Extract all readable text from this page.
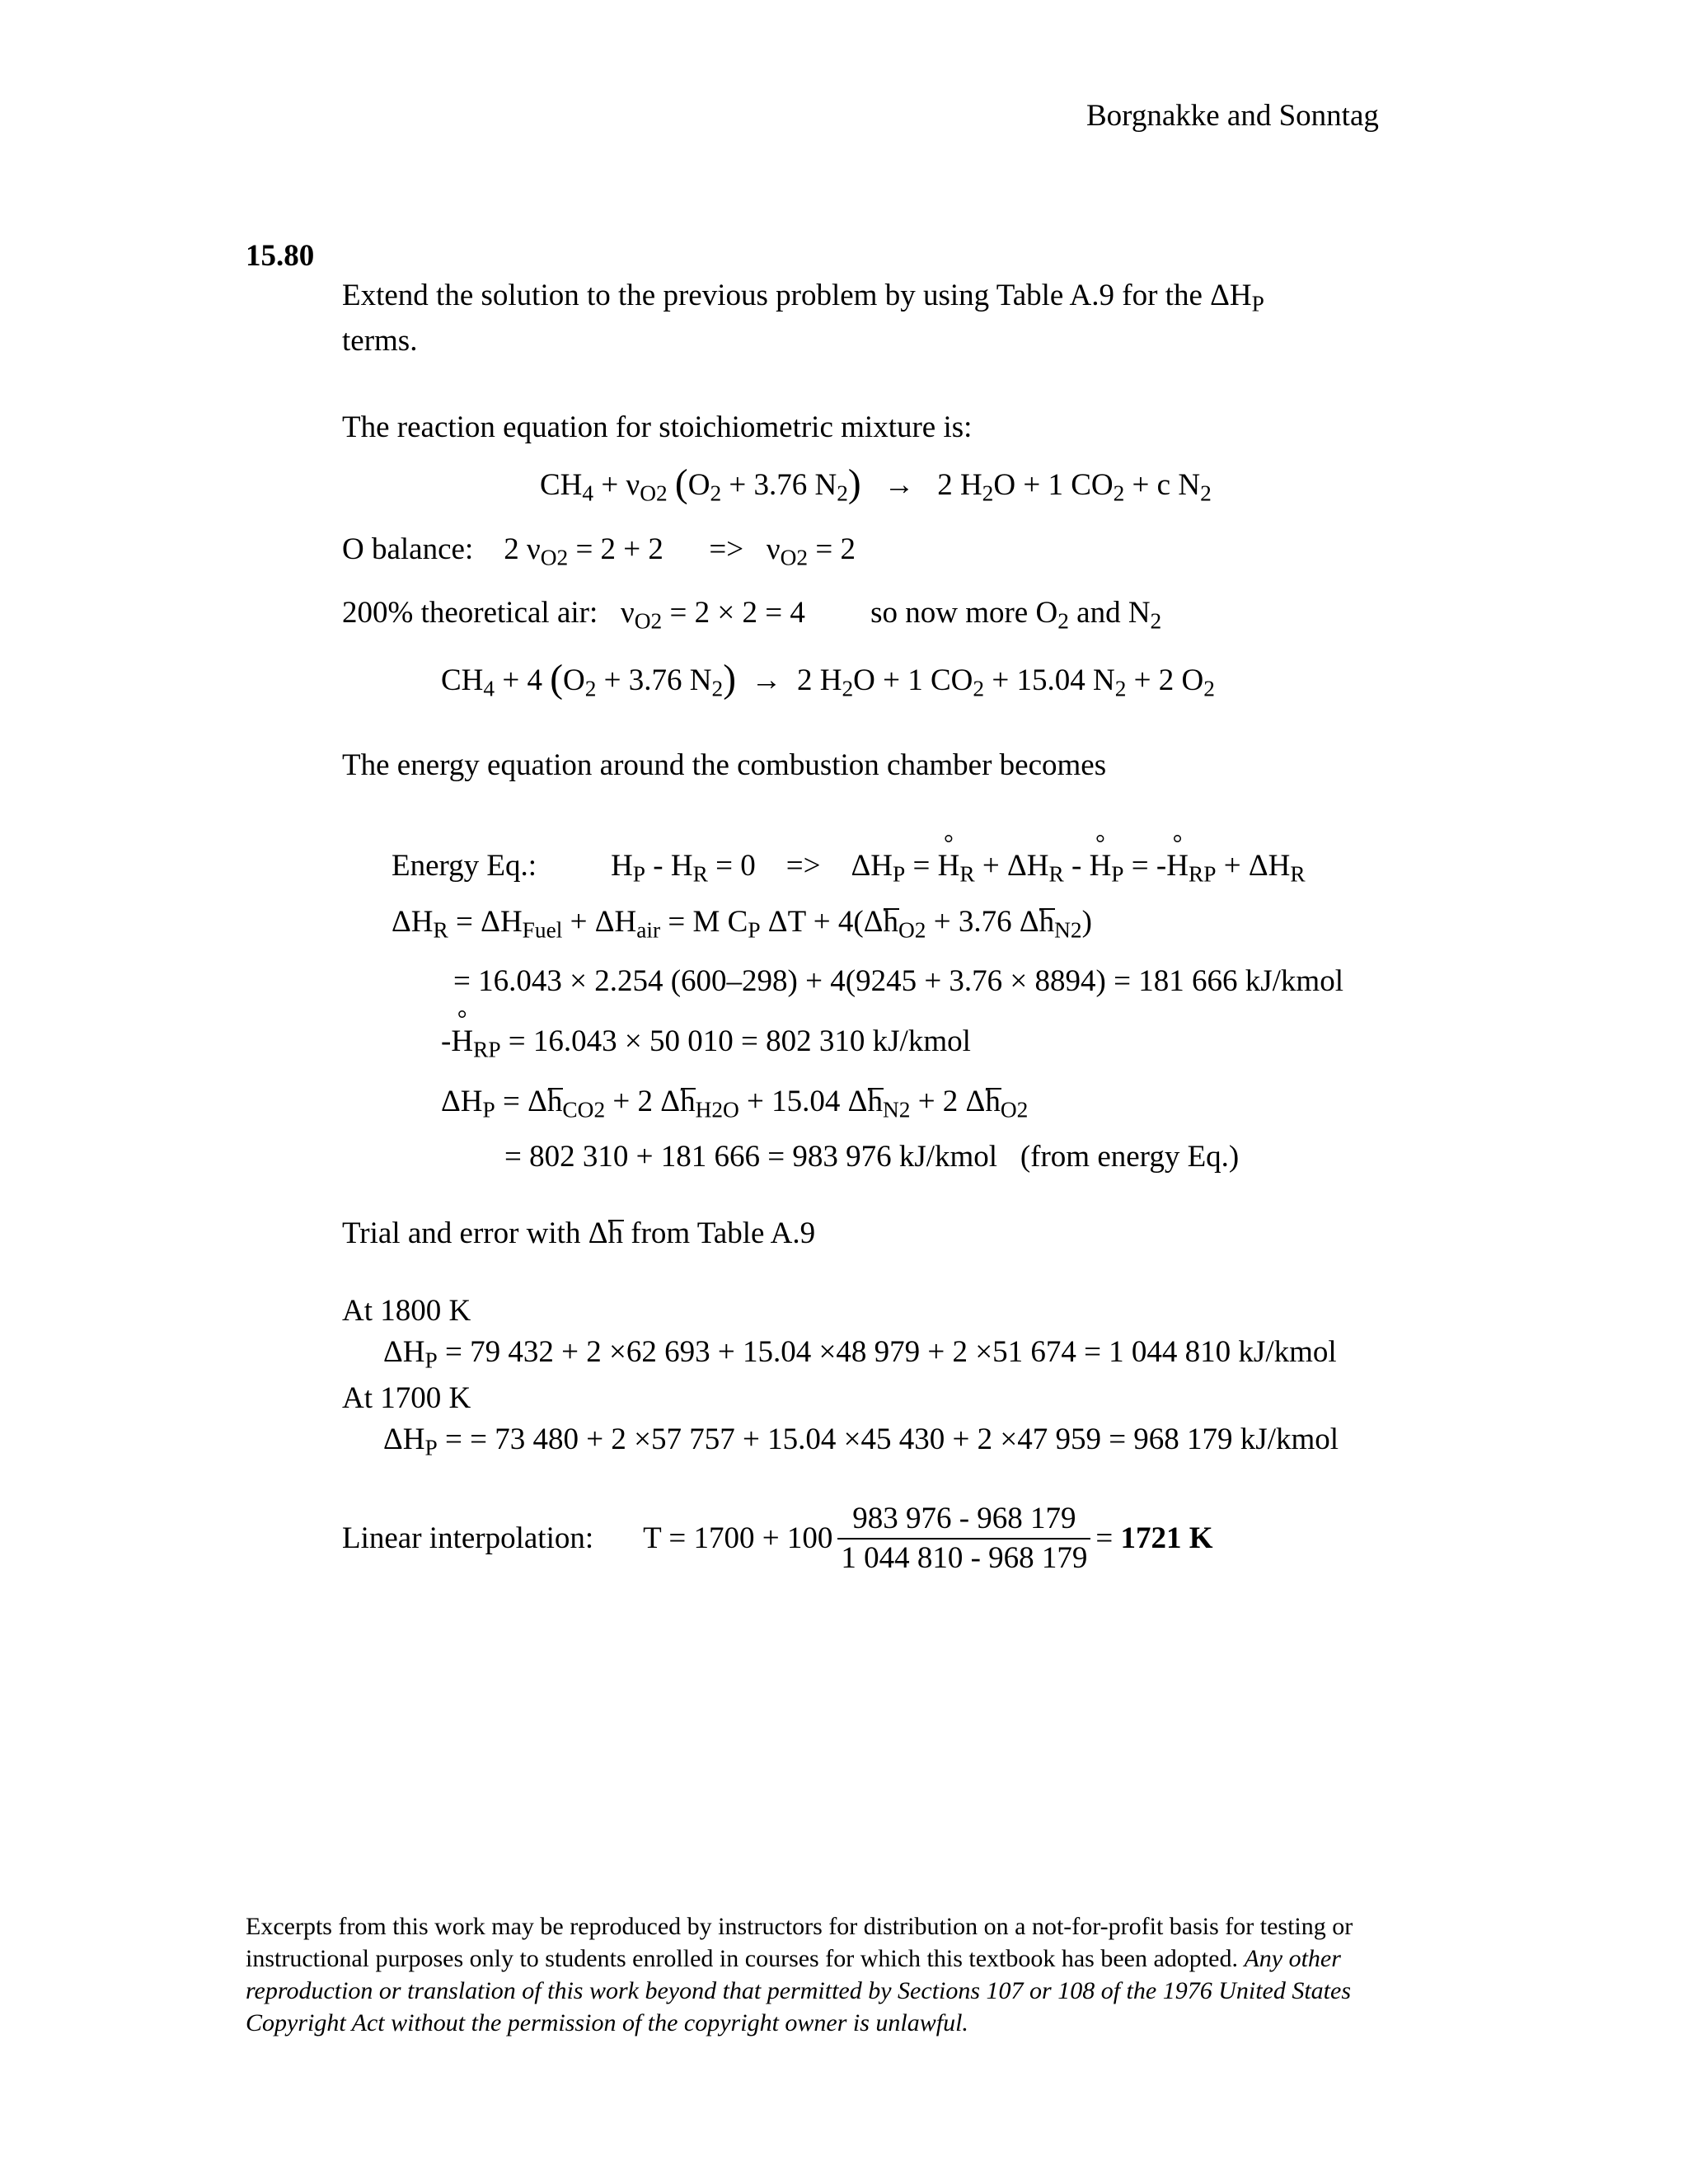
Borgnakke and Sonntag
15.80
Extend the solution to the previous problem by using Table A.9 for the $\Delta H_P$
terms.
The reaction equation for stoichiometric mixture is:
$CH_4 + \nu_{O2}$ ($O_2 + 3.76$ $N_2) \to 2$ $H_2O + 1$ $CO_2 + c$ $N_2$
O balance:    2 $\nu_{O2} = 2 + 2$      =>   $\nu_{O2} = 2$
200% theoretical air:   $\nu_{O2} = 2 \times 2 = 4$ so now more $O_2$ and $N_2$
$CH_4 + 4$ ($O_2 + 3.76$ $N_2) \to 2$ $H_2O + 1$ $CO_2 + 15.04$ $N_2 + 2$ $O_2$
The energy equation around the combustion chamber becomes
Energy Eq.: $H_P - H_R = 0$    =>    $\Delta H_P$ = ° $H_R + \Delta H_R$ - ° $H_P$ = -° $H_{RP} + \Delta H_R$
$\Delta H_R = \Delta H_{Fuel} + \Delta H_{air} = M$ $C_P$ $\Delta T + 4(\Delta h_{O2} + 3.76$ $\Delta h_{N2}$)
= 16.043 × 2.254 (600–298) + 4(9245 + 3.76 × 8894) = 181 666 kJ/kmol
-° $H_{RP} = 16.043 \times 50$ 010 = 802 310 kJ/kmol
$\Delta H_P = \Delta h_{CO2} + 2$ $\Delta h_{H2O} + 15.04$ $\Delta h_{N2} + 2$ $\Delta h_{O2}$
= 802 310 + 181 666 = 983 976 kJ/kmol (from energy Eq.)
Trial and error with Δh from Table A.9
At 1800 K
$\Delta H_P = 79$ 432 + 2 ×62 693 + 15.04 ×48 979 + 2 ×51 674 = 1 044 810 kJ/kmol
At 1700 K
$\Delta H_P$ = = 73 480 + 2 ×57 757 + 15.04 ×45 430 + 2 ×47 959 = 968 179 kJ/kmol
Linear interpolation: $T = 1700 + 100 \frac{983 976 - 968 179}{1 044 810 - 968 179} = 1721$ K
Excerpts from this work may be reproduced by instructors for distribution on a not-for-profit basis for testing or instructional purposes only to students enrolled in courses for which this textbook has been adopted. Any other reproduction or translation of this work beyond that permitted by Sections 107 or 108 of the 1976 United States Copyright Act without the permission of the copyright owner is unlawful.
